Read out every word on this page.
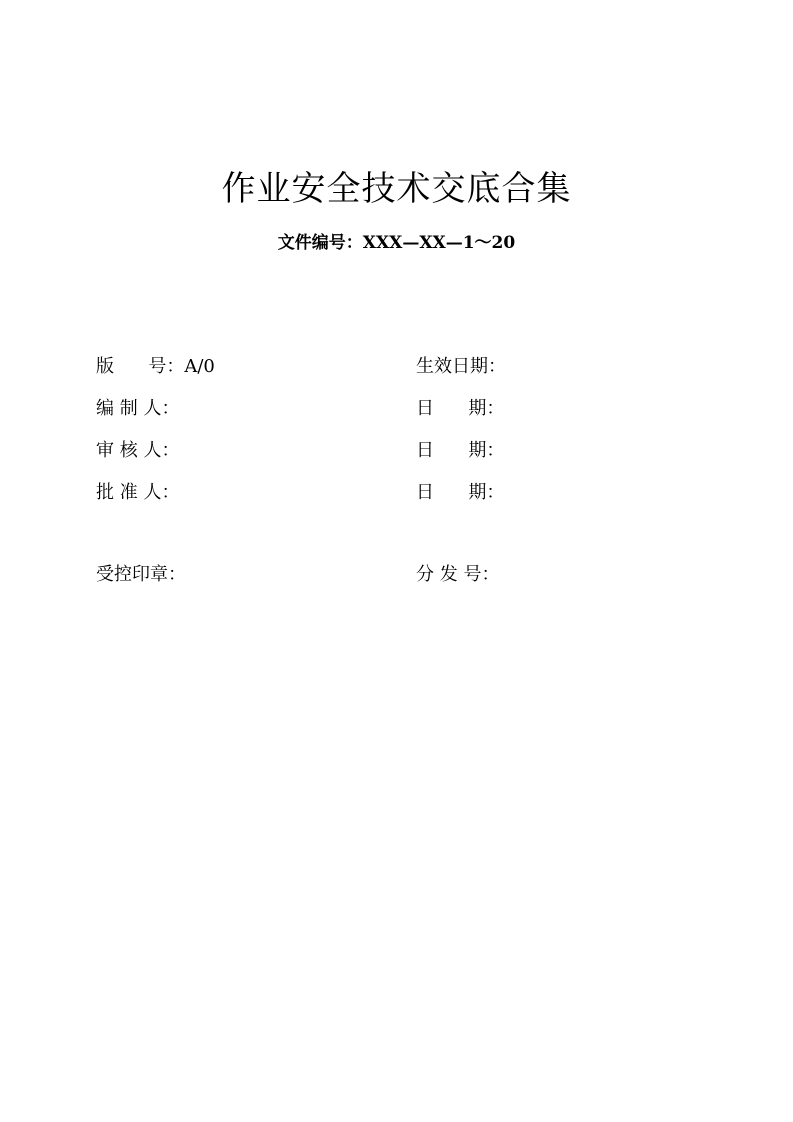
作业安全技术交底合集
文件编号：XXX—XX—1～20
版      号：A/0	生效日期：
编 制 人：	日      期：
审 核 人：	日      期：
批 准 人：	日      期：
受控印章：	分 发 号：
